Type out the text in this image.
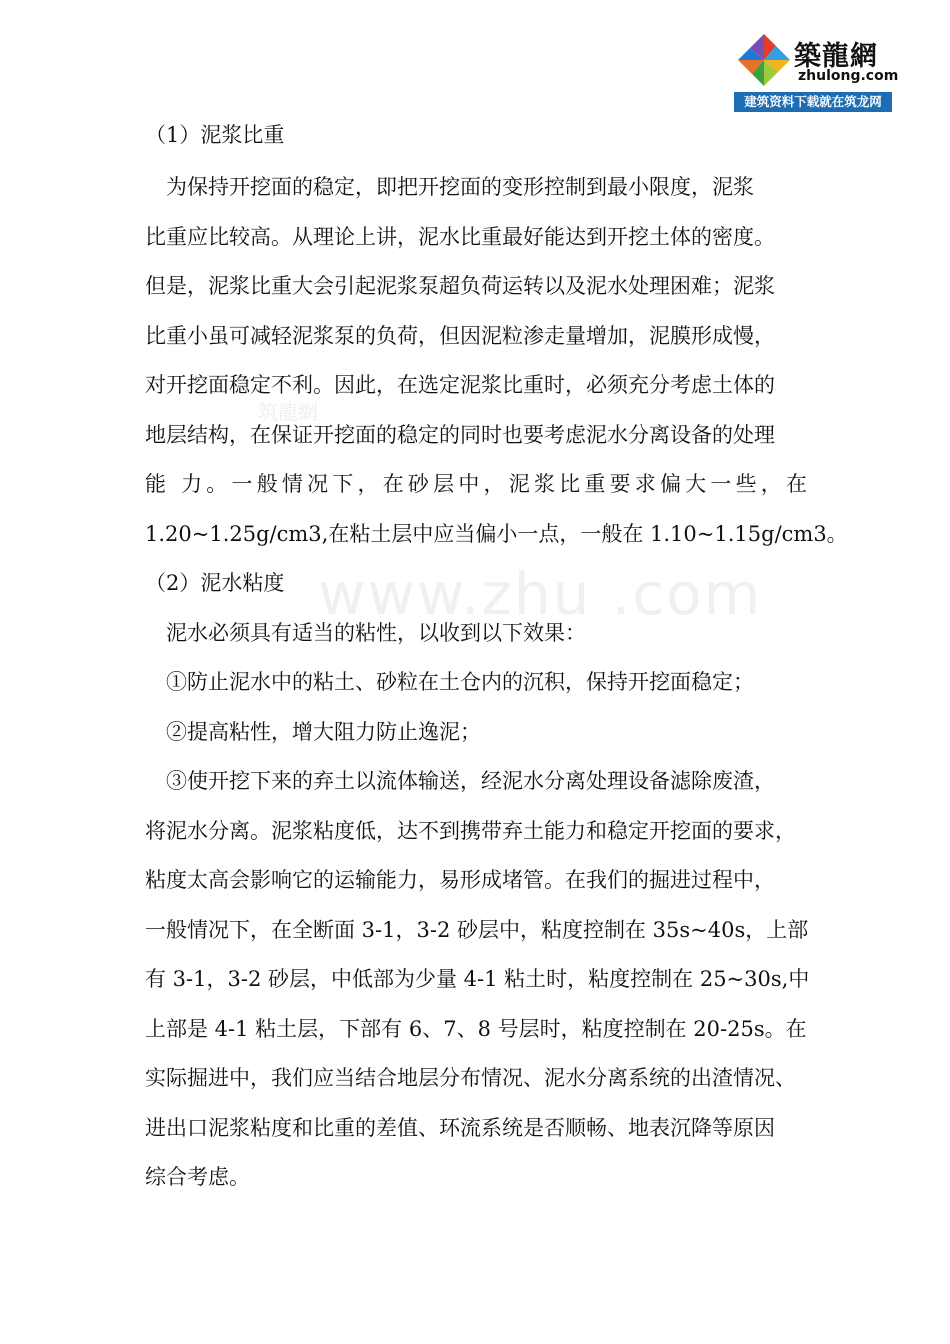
築龍網
zhulong.com
建筑资料下载就在筑龙网
筑龍網
www.zhu .com
（1）泥浆比重
为保持开挖面的稳定，即把开挖面的变形控制到最小限度，泥浆
比重应比较高。从理论上讲，泥水比重最好能达到开挖土体的密度。
但是，泥浆比重大会引起泥浆泵超负荷运转以及泥水处理困难；泥浆
比重小虽可减轻泥浆泵的负荷，但因泥粒渗走量增加，泥膜形成慢，
对开挖面稳定不利。因此，在选定泥浆比重时，必须充分考虑土体的
地层结构，在保证开挖面的稳定的同时也要考虑泥水分离设备的处理
能 力。一般情况下，在砂层中，泥浆比重要求偏大一些，在
1.20~1.25g/cm3,在粘土层中应当偏小一点，一般在 1.10~1.15g/cm3。
（2）泥水粘度
泥水必须具有适当的粘性，以收到以下效果：
①防止泥水中的粘土、砂粒在土仓内的沉积，保持开挖面稳定；
②提高粘性，增大阻力防止逸泥；
③使开挖下来的弃土以流体输送，经泥水分离处理设备滤除废渣，
将泥水分离。泥浆粘度低，达不到携带弃土能力和稳定开挖面的要求，
粘度太高会影响它的运输能力，易形成堵管。在我们的掘进过程中，
一般情况下，在全断面 3-1，3-2 砂层中，粘度控制在 35s~40s，上部
有 3-1，3-2 砂层，中低部为少量 4-1 粘土时，粘度控制在 25~30s,中
上部是 4-1 粘土层，下部有 6、7、8 号层时，粘度控制在 20-25s。在
实际掘进中，我们应当结合地层分布情况、泥水分离系统的出渣情况、
进出口泥浆粘度和比重的差值、环流系统是否顺畅、地表沉降等原因
综合考虑。
